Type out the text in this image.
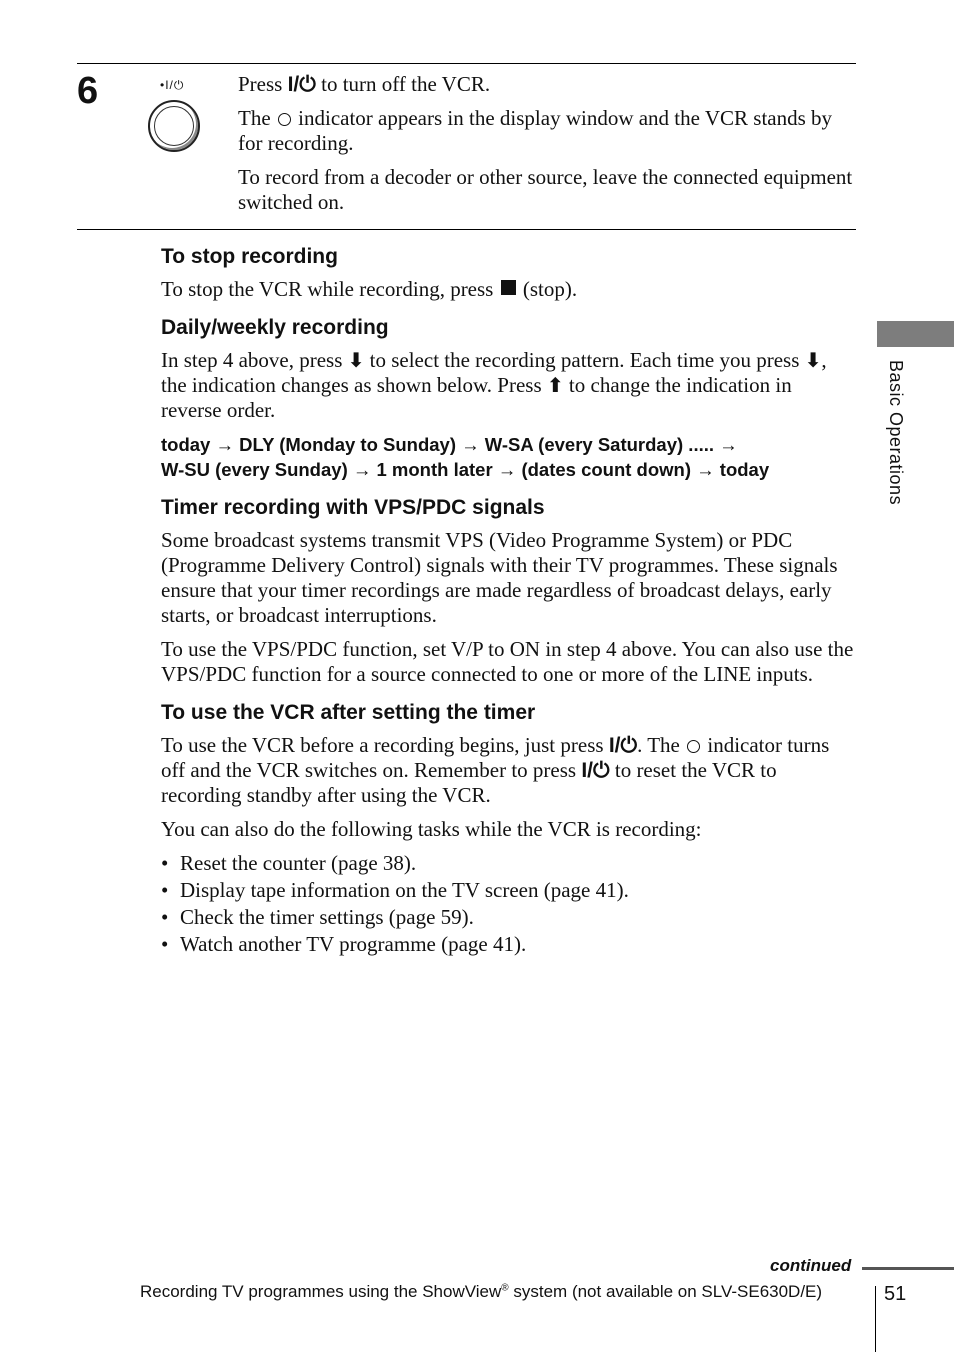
6	•I/⏻	Press I/⏻ to turn off the VCR.

The  indicator appears in the display window and the VCR stands by for recording.

To record from a decoder or other source, leave the connected equipment switched on.

To stop recording

To stop the VCR while recording, press  (stop).

Daily/weekly recording

In step 4 above, press ⬇ to select the recording pattern. Each time you press ⬇, the indication changes as shown below. Press ⬆ to change the indication in reverse order.

today → DLY (Monday to Sunday) → W-SA (every Saturday) ..... →
W-SU (every Sunday) → 1 month later → (dates count down) → today
Timer recording with VPS/PDC signals

Some broadcast systems transmit VPS (Video Programme System) or PDC (Programme Delivery Control) signals with their TV programmes. These signals ensure that your timer recordings are made regardless of broadcast delays, early starts, or broadcast interruptions.

To use the VPS/PDC function, set V/P to ON in step 4 above. You can also use the VPS/PDC function for a source connected to one or more of the LINE inputs.

To use the VCR after setting the timer

To use the VCR before a recording begins, just press I/⏻. The  indicator turns off and the VCR switches on. Remember to press I/⏻ to reset the VCR to recording standby after using the VCR.

You can also do the following tasks while the VCR is recording:

• Reset the counter (page 38).
• Display tape information on the TV screen (page 41).
• Check the timer settings (page 59).
• Watch another TV programme (page 41).
Basic Operations
continued
Recording TV programmes using the ShowView® system (not available on SLV-SE630D/E)	51
